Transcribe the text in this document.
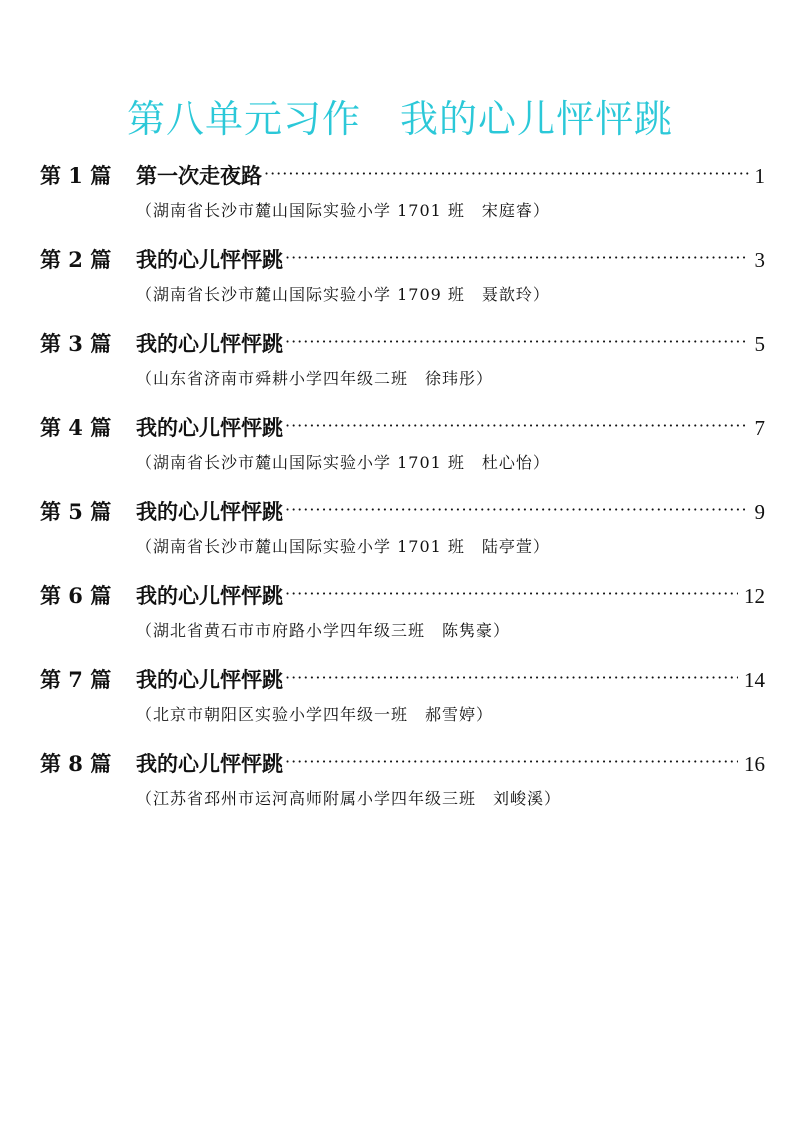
第八单元习作　我的心儿怦怦跳
第 1 篇	第一次走夜路 ·····	1
（湖南省长沙市麓山国际实验小学 1701 班　宋庭睿）
第 2 篇	我的心儿怦怦跳 ·····	3
（湖南省长沙市麓山国际实验小学 1709 班　聂歆玲）
第 3 篇	我的心儿怦怦跳 ·····	5
（山东省济南市舜耕小学四年级二班　徐玮彤）
第 4 篇	我的心儿怦怦跳 ·····	7
（湖南省长沙市麓山国际实验小学 1701 班　杜心怡）
第 5 篇	我的心儿怦怦跳 ·····	9
（湖南省长沙市麓山国际实验小学 1701 班　陆亭萱）
第 6 篇	我的心儿怦怦跳 ·····	12
（湖北省黄石市市府路小学四年级三班　陈隽豪）
第 7 篇	我的心儿怦怦跳 ·····	14
（北京市朝阳区实验小学四年级一班　郝雪婷）
第 8 篇	我的心儿怦怦跳 ·····	16
（江苏省邳州市运河高师附属小学四年级三班　刘峻溪）
